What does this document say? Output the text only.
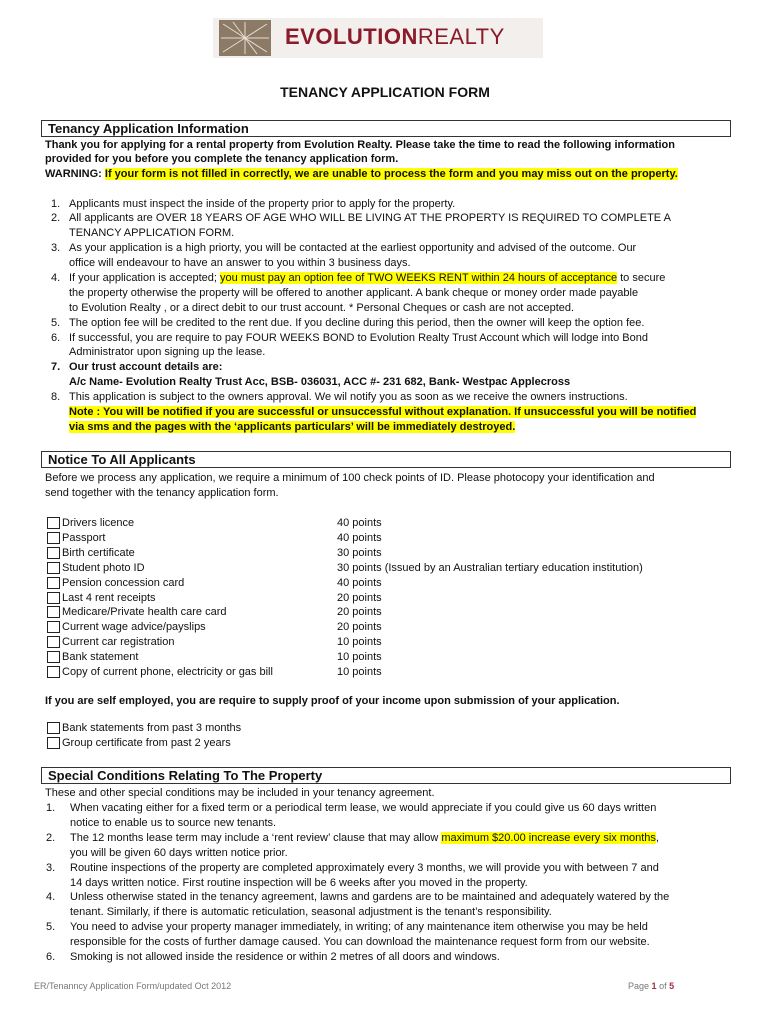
EVOLUTIONREALTY
TENANCY APPLICATION FORM
Tenancy Application Information
Thank you for applying for a rental property from Evolution Realty. Please take the time to read the following information
provided for you before you complete the tenancy application form.
WARNING: If your form is not filled in correctly, we are unable to process the form and you may miss out on the property.
1. Applicants must inspect the inside of the property prior to apply for the property.
2. All applicants are OVER 18 YEARS OF AGE WHO WILL BE LIVING AT THE PROPERTY IS REQUIRED TO COMPLETE A
TENANCY APPLICATION FORM.
3. As your application is a high priorty, you will be contacted at the earliest opportunity and advised of the outcome. Our
office will endeavour to have an answer to you within 3 business days.
4. If your application is accepted; you must pay an option fee of TWO WEEKS RENT within 24 hours of acceptance to secure
the property otherwise the property will be offered to another applicant. A bank cheque or money order made payable
to Evolution Realty , or a direct debit to our trust account. * Personal Cheques or cash are not accepted.
5. The option fee will be credited to the rent due. If you decline during this period, then the owner will keep the option fee.
6. If successful, you are require to pay FOUR WEEKS BOND to Evolution Realty Trust Account which will lodge into Bond
Administrator upon signing up the lease.
7. Our trust account details are:
A/c Name- Evolution Realty Trust Acc, BSB- 036031, ACC #- 231 682, Bank- Westpac Applecross
8. This application is subject to the owners approval. We wil notify you as soon as we receive the owners instructions.
Note : You will be notified if you are successful or unsuccessful without explanation. If unsuccessful you will be notified
via sms and the pages with the ‘applicants particulars’ will be immediately destroyed.
Notice To All Applicants
Before we process any application, we require a minimum of 100 check points of ID. Please photocopy your identification and
send together with the tenancy application form.
Drivers licence	40 points
Passport	40 points
Birth certificate	30 points
Student photo ID	30 points (Issued by an Australian tertiary education institution)
Pension concession card	40 points
Last 4 rent receipts	20 points
Medicare/Private health care card	20 points
Current wage advice/payslips	20 points
Current car registration	10 points
Bank statement	10 points
Copy of current phone, electricity or gas bill	10 points
If you are self employed, you are require to supply proof of your income upon submission of your application.
Bank statements from past 3 months
Group certificate from past 2 years
Special Conditions Relating To The Property
These and other special conditions may be included in your tenancy agreement.
1. When vacating either for a fixed term or a periodical term lease, we would appreciate if you could give us 60 days written
notice to enable us to source new tenants.
2. The 12 months lease term may include a ‘rent review’ clause that may allow maximum $20.00 increase every six months,
you will be given 60 days written notice prior.
3. Routine inspections of the property are completed approximately every 3 months, we will provide you with between 7 and
14 days written notice. First routine inspection will be 6 weeks after you moved in the property.
4. Unless otherwise stated in the tenancy agreement, lawns and gardens are to be maintained and adequately watered by the
tenant. Similarly, if there is automatic reticulation, seasonal adjustment is the tenant’s responsibility.
5. You need to advise your property manager immediately, in writing; of any maintenance item otherwise you may be held
responsible for the costs of further damage caused. You can download the maintenance request form from our website.
6. Smoking is not allowed inside the residence or within 2 metres of all doors and windows.
ER/Tenanncy Application Form/updated Oct 2012	Page 1 of 5
